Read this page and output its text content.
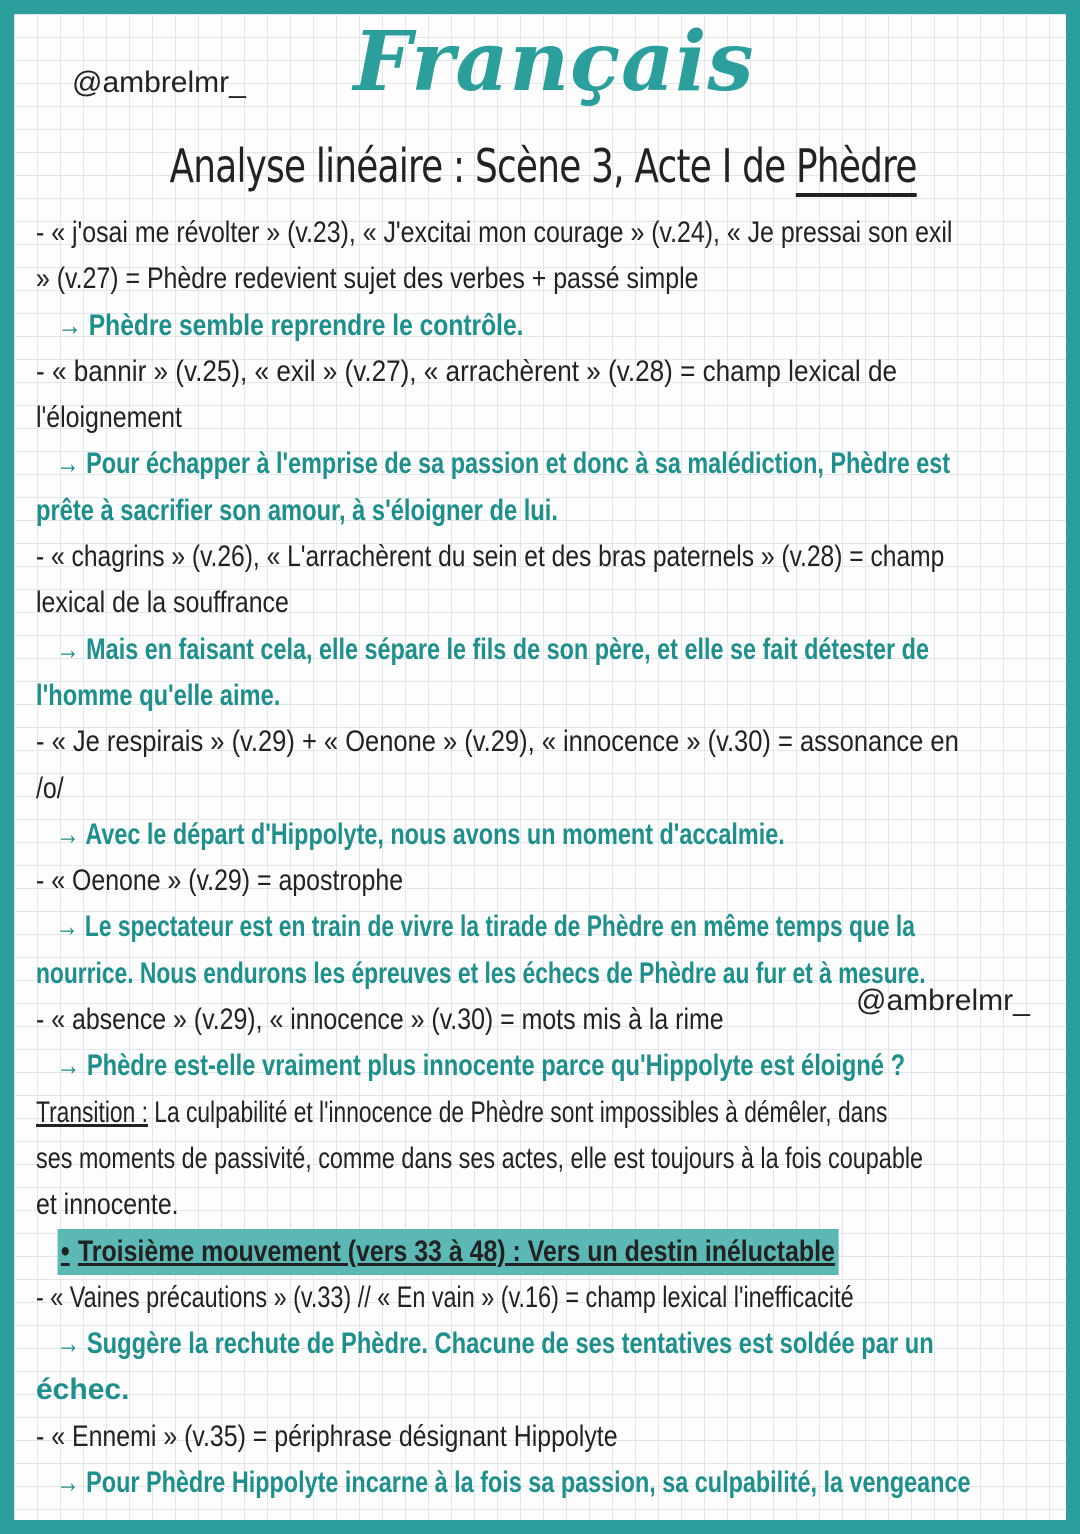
@ambrelmr_ Français
Analyse linéaire : Scène 3, Acte I de Phèdre
@ambrelmr_
- « j'osai me révolter » (v.23), « J'excitai mon courage » (v.24), « Je pressai son exil
» (v.27) = Phèdre redevient sujet des verbes + passé simple
→ Phèdre semble reprendre le contrôle.
- « bannir » (v.25), « exil » (v.27), « arrachèrent » (v.28) = champ lexical de
l'éloignement
→ Pour échapper à l'emprise de sa passion et donc à sa malédiction, Phèdre est
prête à sacrifier son amour, à s'éloigner de lui.
- « chagrins » (v.26), « L'arrachèrent du sein et des bras paternels » (v.28) = champ
lexical de la souffrance
→ Mais en faisant cela, elle sépare le fils de son père, et elle se fait détester de
l'homme qu'elle aime.
- « Je respirais » (v.29) + « Oenone » (v.29), « innocence » (v.30) = assonance en
/o/
→ Avec le départ d'Hippolyte, nous avons un moment d'accalmie.
- « Oenone » (v.29) = apostrophe
→ Le spectateur est en train de vivre la tirade de Phèdre en même temps que la
nourrice. Nous endurons les épreuves et les échecs de Phèdre au fur et à mesure.
- « absence » (v.29), « innocence » (v.30) = mots mis à la rime
→ Phèdre est-elle vraiment plus innocente parce qu'Hippolyte est éloigné ?
Transition : La culpabilité et l'innocence de Phèdre sont impossibles à démêler, dans
ses moments de passivité, comme dans ses actes, elle est toujours à la fois coupable
et innocente.
• Troisième mouvement (vers 33 à 48) : Vers un destin inéluctable
- « Vaines précautions » (v.33) // « En vain » (v.16) = champ lexical l'inefficacité
→ Suggère la rechute de Phèdre. Chacune de ses tentatives est soldée par un
échec.
- « Ennemi » (v.35) = périphrase désignant Hippolyte
→ Pour Phèdre Hippolyte incarne à la fois sa passion, sa culpabilité, la vengeance
